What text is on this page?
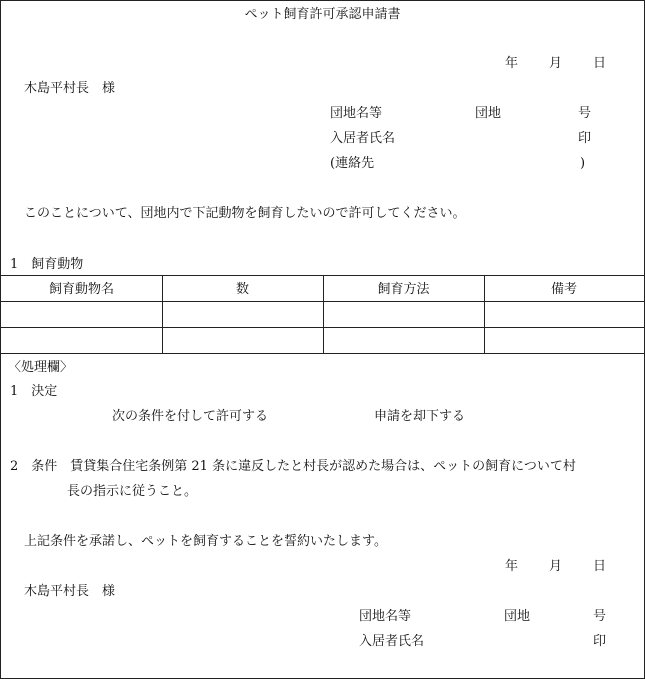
ペット飼育許可承認申請書
年 月 日
木島平村長　様
団地名等	団地	号
入居者氏名	印
(連絡先	)
このことについて、団地内で下記動物を飼育したいので許可してください。
1　飼育動物
飼育動物名	数	飼育方法	備考
〈処理欄〉
1　決定
次の条件を付して許可する	申請を却下する
2　条件　賃貸集合住宅条例第 21 条に違反したと村長が認めた場合は、ペットの飼育について村
長の指示に従うこと。
上記条件を承諾し、ペットを飼育することを誓約いたします。
年 月 日
木島平村長　様
団地名等	団地	号
入居者氏名	印
